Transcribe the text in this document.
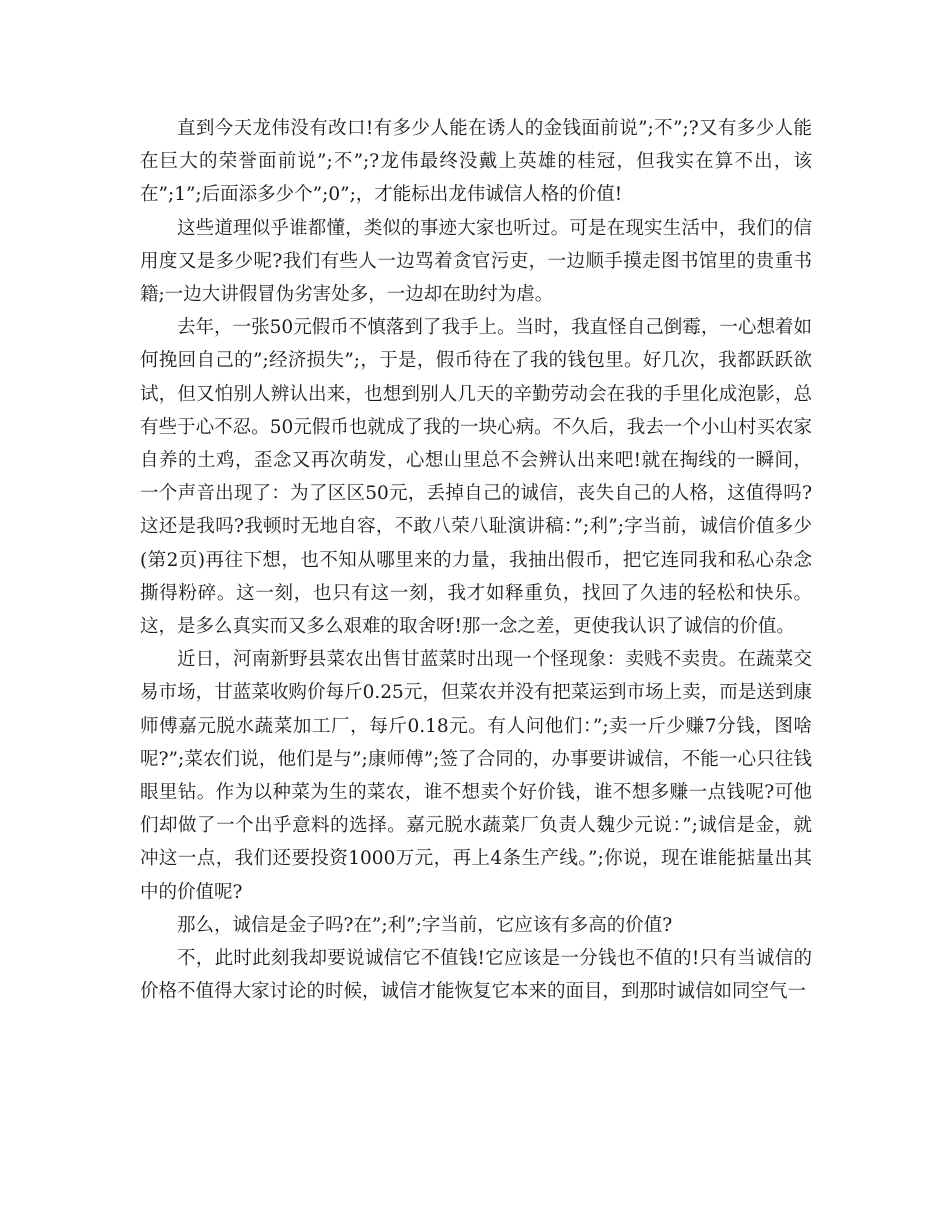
直到今天龙伟没有改口!有多少人能在诱人的金钱面前说”;不”;?又有多少人能在巨大的荣誉面前说”;不”;?龙伟最终没戴上英雄的桂冠，但我实在算不出，该在”;1”;后面添多少个”;0”;，才能标出龙伟诚信人格的价值!

这些道理似乎谁都懂，类似的事迹大家也听过。可是在现实生活中，我们的信用度又是多少呢?我们有些人一边骂着贪官污吏，一边顺手摸走图书馆里的贵重书籍;一边大讲假冒伪劣害处多，一边却在助纣为虐。

去年，一张50元假币不慎落到了我手上。当时，我直怪自己倒霉，一心想着如何挽回自己的”;经济损失”;，于是，假币待在了我的钱包里。好几次，我都跃跃欲试，但又怕别人辨认出来，也想到别人几天的辛勤劳动会在我的手里化成泡影，总有些于心不忍。50元假币也就成了我的一块心病。不久后，我去一个小山村买农家自养的土鸡，歪念又再次萌发，心想山里总不会辨认出来吧!就在掏线的一瞬间，一个声音出现了：为了区区50元，丢掉自己的诚信，丧失自己的人格，这值得吗?这还是我吗?我顿时无地自容，不敢八荣八耻演讲稿：”;利”;字当前，诚信价值多少(第2页)再往下想，也不知从哪里来的力量，我抽出假币，把它连同我和私心杂念撕得粉碎。这一刻，也只有这一刻，我才如释重负，找回了久违的轻松和快乐。这，是多么真实而又多么艰难的取舍呀!那一念之差，更使我认识了诚信的价值。

近日，河南新野县菜农出售甘蓝菜时出现一个怪现象：卖贱不卖贵。在蔬菜交易市场，甘蓝菜收购价每斤0.25元，但菜农并没有把菜运到市场上卖，而是送到康师傅嘉元脱水蔬菜加工厂，每斤0.18元。有人问他们：”;卖一斤少赚7分钱，图啥呢?”;菜农们说，他们是与”;康师傅”;签了合同的，办事要讲诚信，不能一心只往钱眼里钻。作为以种菜为生的菜农，谁不想卖个好价钱，谁不想多赚一点钱呢?可他们却做了一个出乎意料的选择。嘉元脱水蔬菜厂负责人魏少元说：”;诚信是金，就冲这一点，我们还要投资1000万元，再上4条生产线。”;你说，现在谁能掂量出其中的价值呢?

那么，诚信是金子吗?在”;利”;字当前，它应该有多高的价值?

不，此时此刻我却要说诚信它不值钱!它应该是一分钱也不值的!只有当诚信的价格不值得大家讨论的时候，诚信才能恢复它本来的面目，到那时诚信如同空气一
